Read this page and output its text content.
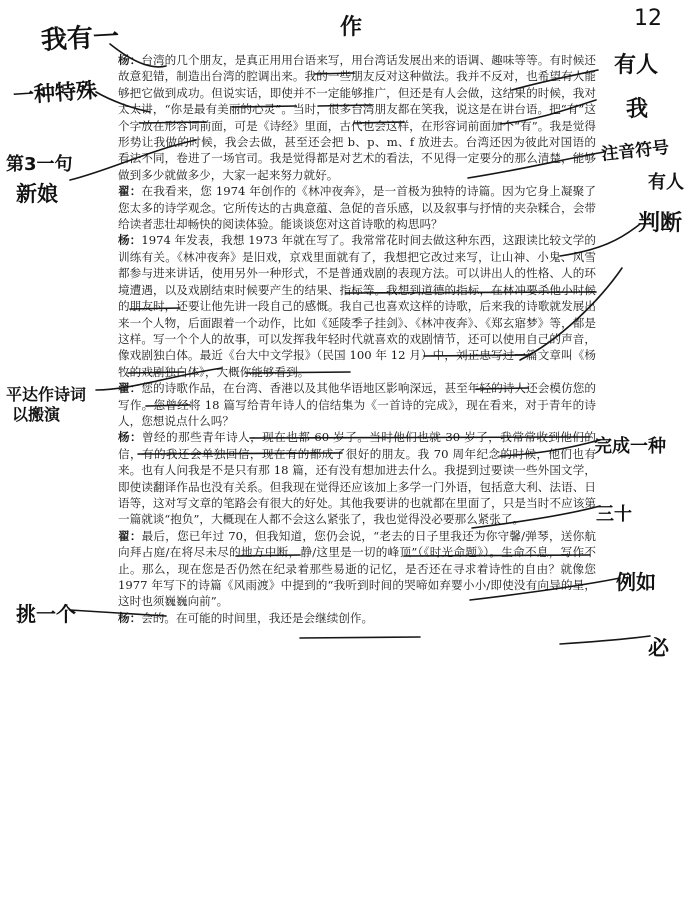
杨：台湾的几个朋友，是真正用用台语来写，用台湾话发展出来的语调、趣味等等。有时候还故意犯错，制造出台湾的腔调出来。我的一些朋友反对这种做法。我并不反对，也希望有人能够把它做到成功。但说实话，即使并不一定能够推广，但还是有人会做，这结果的时候，我对太太讲，“你是最有美丽的心灵”。当时，很多台湾朋友都在笑我，说这是在讲台语。把“有”这个字放在形容词前面，可是《诗经》里面，古代也会这样，在形容词前面加个“有”。我是觉得形势让我做的时候，我会去做，甚至还会把 b、p、m、f 放进去。台湾还因为彼此对国语的看法不同，卷进了一场官司。我是觉得都是对艺术的看法，不见得一定要分的那么清楚，能够做到多少就做多少，大家一起来努力就好。

翟：在我看来，您 1974 年创作的《林冲夜奔》，是一首极为独特的诗篇。因为它身上凝聚了您太多的诗学观念。它所传达的古典意蕴、急促的音乐感，以及叙事与抒情的夹杂糅合，会带给读者悲壮却畅快的阅读体验。能谈谈您对这首诗歌的构思吗？

杨：1974 年发表，我想 1973 年就在写了。我常常花时间去做这种东西，这跟读比较文学的训练有关。《林冲夜奔》是旧戏，京戏里面就有了，我想把它改过来写，让山神、小鬼、风雪都参与进来讲话，使用另外一种形式，不是普通戏剧的表现方法。可以讲出人的性格、人的环境遭遇，以及戏剧结束时候要产生的结果、指标等。我想到道德的指标，在林冲要杀他小时候的朋友时，还要让他先讲一段自己的感慨。我自己也喜欢这样的诗歌，后来我的诗歌就发展出来一个人物，后面跟着一个动作，比如《延陵季子挂剑》、《林冲夜奔》、《郑玄寤梦》等，都是这样。写一个个人的故事，可以发挥我年轻时代就喜欢的戏剧情节，还可以使用自己的声音，像戏剧独白体。最近《台大中文学报》（民国 100 年 12 月）中，刘正忠写过一篇文章叫《杨牧的戏剧独白体》，大概你能够看到。

翟：您的诗歌作品，在台湾、香港以及其他华语地区影响深远，甚至年轻的诗人还会模仿您的写作。您曾经将 18 篇写给青年诗人的信结集为《一首诗的完成》，现在看来，对于青年的诗人，您想说点什么吗？

杨：曾经的那些青年诗人，现在也都 60 岁了。当时他们也就 30 岁了，我常常收到他们的信，有的我还会单独回信，现在有的都成了很好的朋友。我 70 周年纪念的时候，他们也有来。也有人问我是不是只有那 18 篇，还有没有想加进去什么。我提到过要读一些外国文学，即使读翻译作品也没有关系。但我现在觉得还应该加上多学一门外语，包括意大利、法语、日语等，这对写文章的笔路会有很大的好处。其他我要讲的也就都在里面了，只是当时不应该第一篇就谈“抱负”，大概现在人都不会这么紧张了，我也觉得没必要那么紧张了。

翟：最后，您已年过 70，但我知道，您仍会说，“老去的日子里我还为你守馨/弹琴，送你航向拜占庭/在将尽未尽的地方中断，静/这里是一切的峰顶”（《时光命题》）。生命不息，写作不止。那么，现在您是否仍然在纪录着那些易逝的记忆，是否还在寻求着诗性的自由？就像您 1977 年写下的诗篇《风雨渡》中提到的“我听到时间的哭啼如弃婴小小/即使没有向导的星，这时也须巍巍向前”。

杨：会的。在可能的时间里，我还是会继续创作。

12
我有一	作
一种特殊
有人
我
第3一句
新娘
注音符号
有人
判断
平达作诗词
以搬演
完成一种
三十
例如
挑一个
必
